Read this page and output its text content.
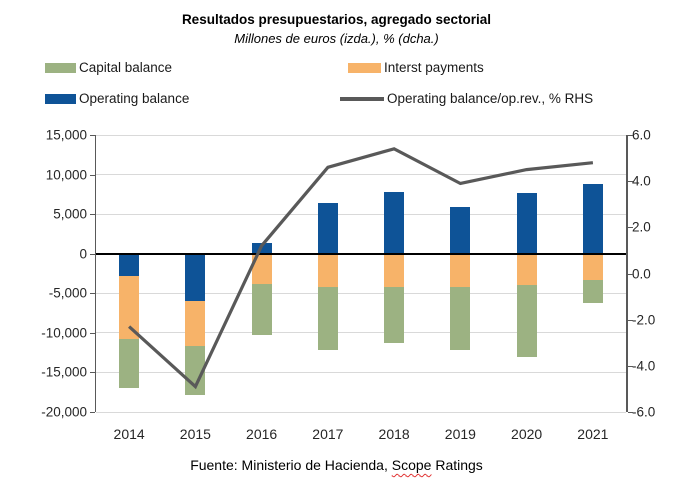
Resultados presupuestarios, agregado sectorial
Millones de euros (izda.), % (dcha.)
Capital balance	Interst payments
Operating balance	Operating balance/op.rev., % RHS
15,000
10,000
5,000
0
-5,000
-10,000
-15,000
-20,000
6.0
4.0
2.0
0.0
-2.0
-4.0
-6.0
2014	2015	2016	2017	2018	2019	2020	2021
Fuente: Ministerio de Hacienda, Scope Ratings
